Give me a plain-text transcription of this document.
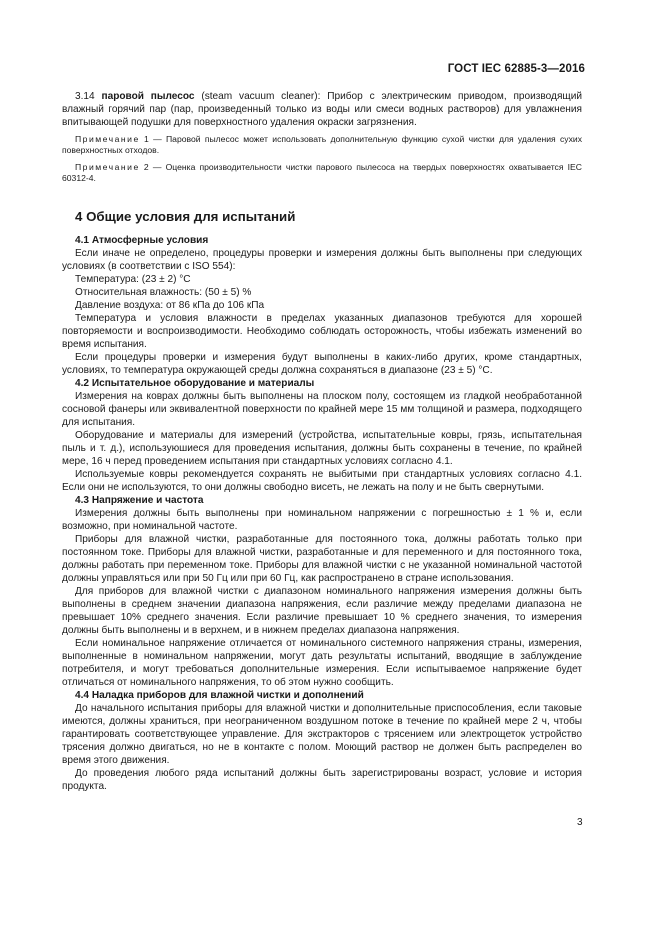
ГОСТ IEC 62885-3—2016

3.14 паровой пылесос (steam vacuum cleaner): Прибор с электрическим приводом, производящий влажный горячий пар (пар, произведенный только из воды или смеси водных растворов) для увлажнения впитывающей подушки для поверхностного удаления окраски загрязнения.

Примечание 1 — Паровой пылесос может использовать дополнительную функцию сухой чистки для удаления сухих поверхностных отходов.

Примечание 2 — Оценка производительности чистки парового пылесоса на твердых поверхностях охватывается IEC 60312-4.

4 Общие условия для испытаний

4.1 Атмосферные условия

Если иначе не определено, процедуры проверки и измерения должны быть выполнены при следующих условиях (в соответствии с ISO 554):

Температура: (23 ± 2) °С

Относительная влажность: (50 ± 5) %

Давление воздуха: от 86 кПа до 106 кПа

Температура и условия влажности в пределах указанных диапазонов требуются для хорошей повторяемости и воспроизводимости. Необходимо соблюдать осторожность, чтобы избежать изменений во время испытания.

Если процедуры проверки и измерения будут выполнены в каких-либо других, кроме стандартных, условиях, то температура окружающей среды должна сохраняться в диапазоне (23 ± 5) °С.

4.2 Испытательное оборудование и материалы

Измерения на коврах должны быть выполнены на плоском полу, состоящем из гладкой необработанной сосновой фанеры или эквивалентной поверхности по крайней мере 15 мм толщиной и размера, подходящего для испытания.

Оборудование и материалы для измерений (устройства, испытательные ковры, грязь, испытательная пыль и т. д.), используюшиеся для проведения испытания, должны быть сохранены в течение, по крайней мере, 16 ч перед проведением испытания при стандартных условиях согласно 4.1.

Используемые ковры рекомендуется сохранять не выбитыми при стандартных условиях согласно 4.1. Если они не используются, то они должны свободно висеть, не лежать на полу и не быть свернутыми.

4.3 Напряжение и частота

Измерения должны быть выполнены при номинальном напряжении с погрешностью ± 1 % и, если возможно, при номинальной частоте.

Приборы для влажной чистки, разработанные для постоянного тока, должны работать только при постоянном токе. Приборы для влажной чистки, разработанные и для переменного и для постоянного тока, должны работать при переменном токе. Приборы для влажной чистки с не указанной номинальной частотой должны управляться или при 50 Гц или при 60 Гц, как распространено в стране использования.

Для приборов для влажной чистки с диапазоном номинального напряжения измерения должны быть выполнены в среднем значении диапазона напряжения, если различие между пределами диапазона не превышает 10% среднего значения. Если различие превышает 10 % среднего значения, то измерения должны быть выполнены и в верхнем, и в нижнем пределах диапазона напряжения.

Если номинальное напряжение отличается от номинального системного напряжения страны, измерения, выполненные в номинальном напряжении, могут дать результаты испытаний, вводящие в заблуждение потребителя, и могут требоваться дополнительные измерения. Если испытываемое напряжение будет отличаться от номинального напряжения, то об этом нужно сообщить.

4.4 Наладка приборов для влажной чистки и дополнений

До начального испытания приборы для влажной чистки и дополнительные приспособления, если таковые имеются, должны храниться, при неограниченном воздушном потоке в течение по крайней мере 2 ч, чтобы гарантировать соответствующее управление. Для экстракторов с трясением или электрощеток устройство трясения должно двигаться, но не в контакте с полом. Моющий раствор не должен быть распределен во время этого движения.

До проведения любого ряда испытаний должны быть зарегистрированы возраст, условие и история продукта.

3
